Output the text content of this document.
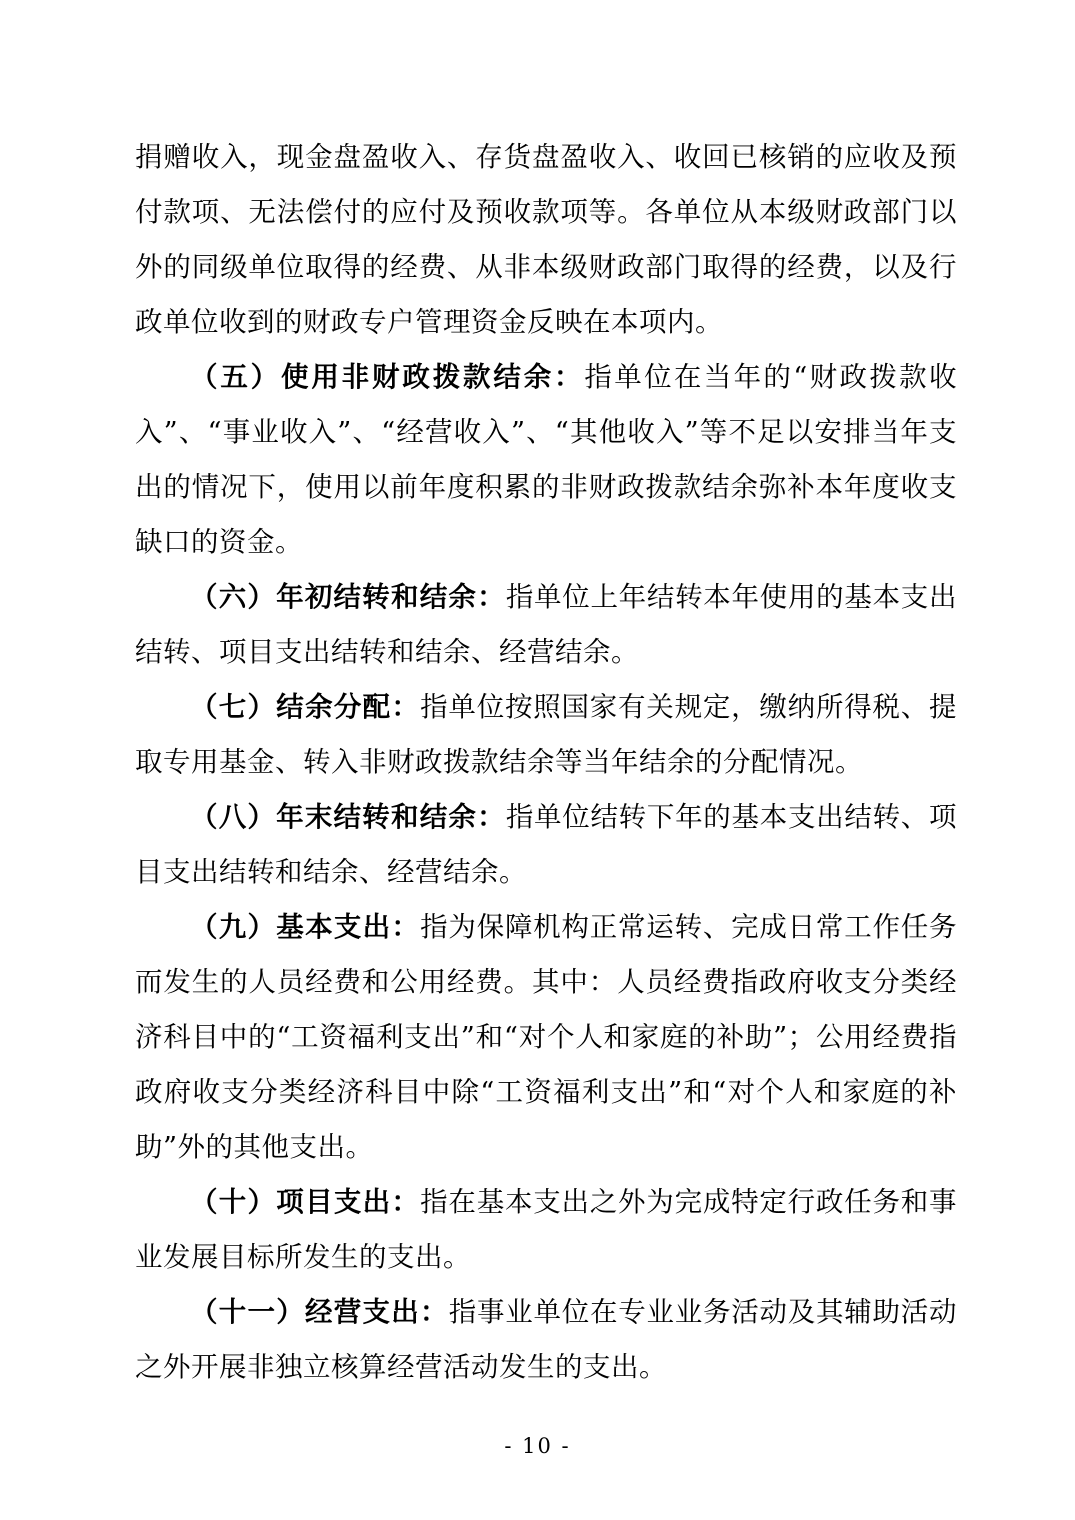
捐赠收入，现金盘盈收入、存货盘盈收入、收回已核销的应收及预付款项、无法偿付的应付及预收款项等。各单位从本级财政部门以外的同级单位取得的经费、从非本级财政部门取得的经费，以及行政单位收到的财政专户管理资金反映在本项内。

（五）使用非财政拨款结余：指单位在当年的“财政拨款收入”、“事业收入”、“经营收入”、“其他收入”等不足以安排当年支出的情况下，使用以前年度积累的非财政拨款结余弥补本年度收支缺口的资金。

（六）年初结转和结余：指单位上年结转本年使用的基本支出结转、项目支出结转和结余、经营结余。

（七）结余分配：指单位按照国家有关规定，缴纳所得税、提取专用基金、转入非财政拨款结余等当年结余的分配情况。

（八）年末结转和结余：指单位结转下年的基本支出结转、项目支出结转和结余、经营结余。

（九）基本支出：指为保障机构正常运转、完成日常工作任务而发生的人员经费和公用经费。其中：人员经费指政府收支分类经济科目中的“工资福利支出”和“对个人和家庭的补助”；公用经费指政府收支分类经济科目中除“工资福利支出”和“对个人和家庭的补助”外的其他支出。

（十）项目支出：指在基本支出之外为完成特定行政任务和事业发展目标所发生的支出。

（十一）经营支出：指事业单位在专业业务活动及其辅助活动之外开展非独立核算经营活动发生的支出。

- 10 -
